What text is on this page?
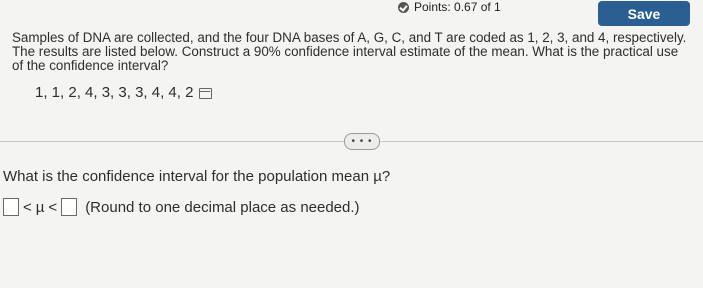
Points: 0.67 of 1	Save
Samples of DNA are collected, and the four DNA bases of A, G, C, and T are coded as 1, 2, 3, and 4, respectively. The results are listed below. Construct a 90% confidence interval estimate of the mean. What is the practical use of the confidence interval?
1, 1, 2, 4, 3, 3, 3, 4, 4, 2
• • •
What is the confidence interval for the population mean µ?
< µ < (Round to one decimal place as needed.)
